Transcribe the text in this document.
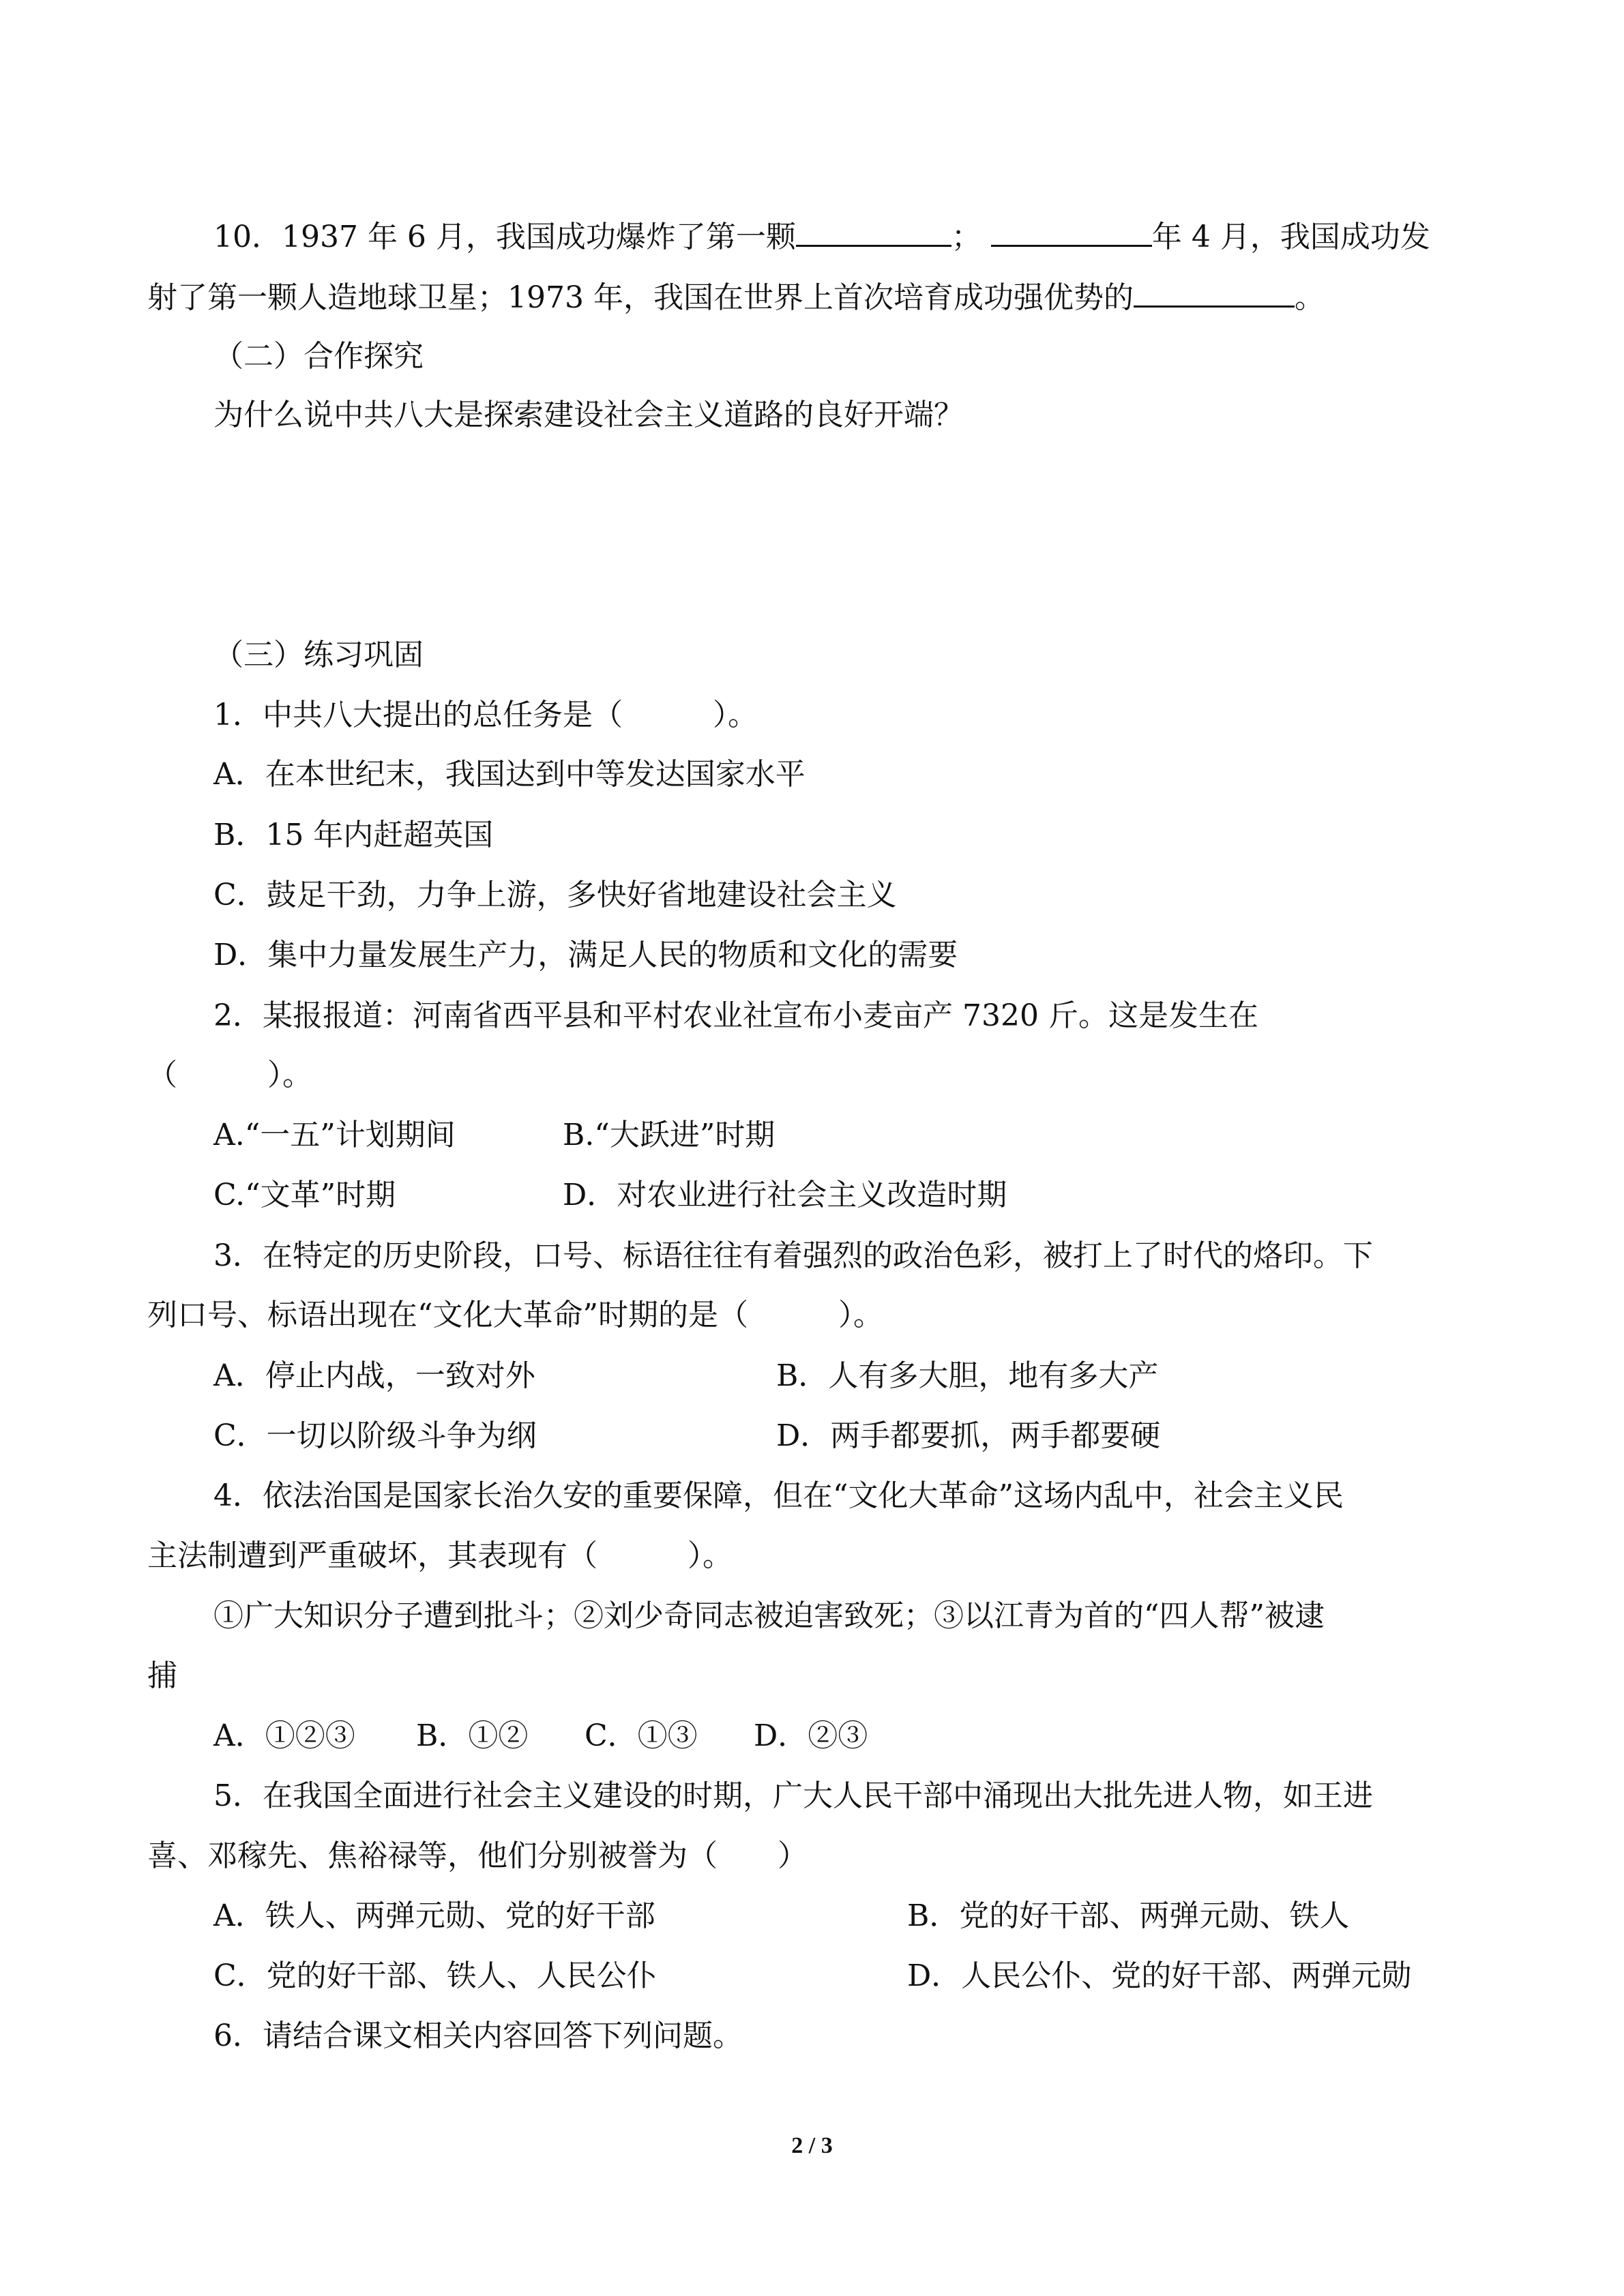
10．1937 年 6 月，我国成功爆炸了第一颗	；	年 4 月，我国成功发
射了第一颗人造地球卫星；1973 年，我国在世界上首次培育成功强优势的	。
（二）合作探究
为什么说中共八大是探索建设社会主义道路的良好开端？
（三）练习巩固
1．中共八大提出的总任务是（　　　）。
A．在本世纪末，我国达到中等发达国家水平
B．15 年内赶超英国
C．鼓足干劲，力争上游，多快好省地建设社会主义
D．集中力量发展生产力，满足人民的物质和文化的需要
2．某报报道：河南省西平县和平村农业社宣布小麦亩产 7320 斤。这是发生在
（　　　）。
A.“一五”计划期间	B.“大跃进”时期
C.“文革”时期	D．对农业进行社会主义改造时期
3．在特定的历史阶段，口号、标语往往有着强烈的政治色彩，被打上了时代的烙印。下
列口号、标语出现在“文化大革命”时期的是（　　　）。
A．停止内战，一致对外	B．人有多大胆，地有多大产
C．一切以阶级斗争为纲	D．两手都要抓，两手都要硬
4．依法治国是国家长治久安的重要保障，但在“文化大革命”这场内乱中，社会主义民
主法制遭到严重破坏，其表现有（　　　）。
①广大知识分子遭到批斗；②刘少奇同志被迫害致死；③以江青为首的“四人帮”被逮
捕
A．①②③ B．①② C．①③ D．②③
5．在我国全面进行社会主义建设的时期，广大人民干部中涌现出大批先进人物，如王进
喜、邓稼先、焦裕禄等，他们分别被誉为（　　）
A．铁人、两弹元勋、党的好干部	B．党的好干部、两弹元勋、铁人
C．党的好干部、铁人、人民公仆	D．人民公仆、党的好干部、两弹元勋
6．请结合课文相关内容回答下列问题。
2 / 3
